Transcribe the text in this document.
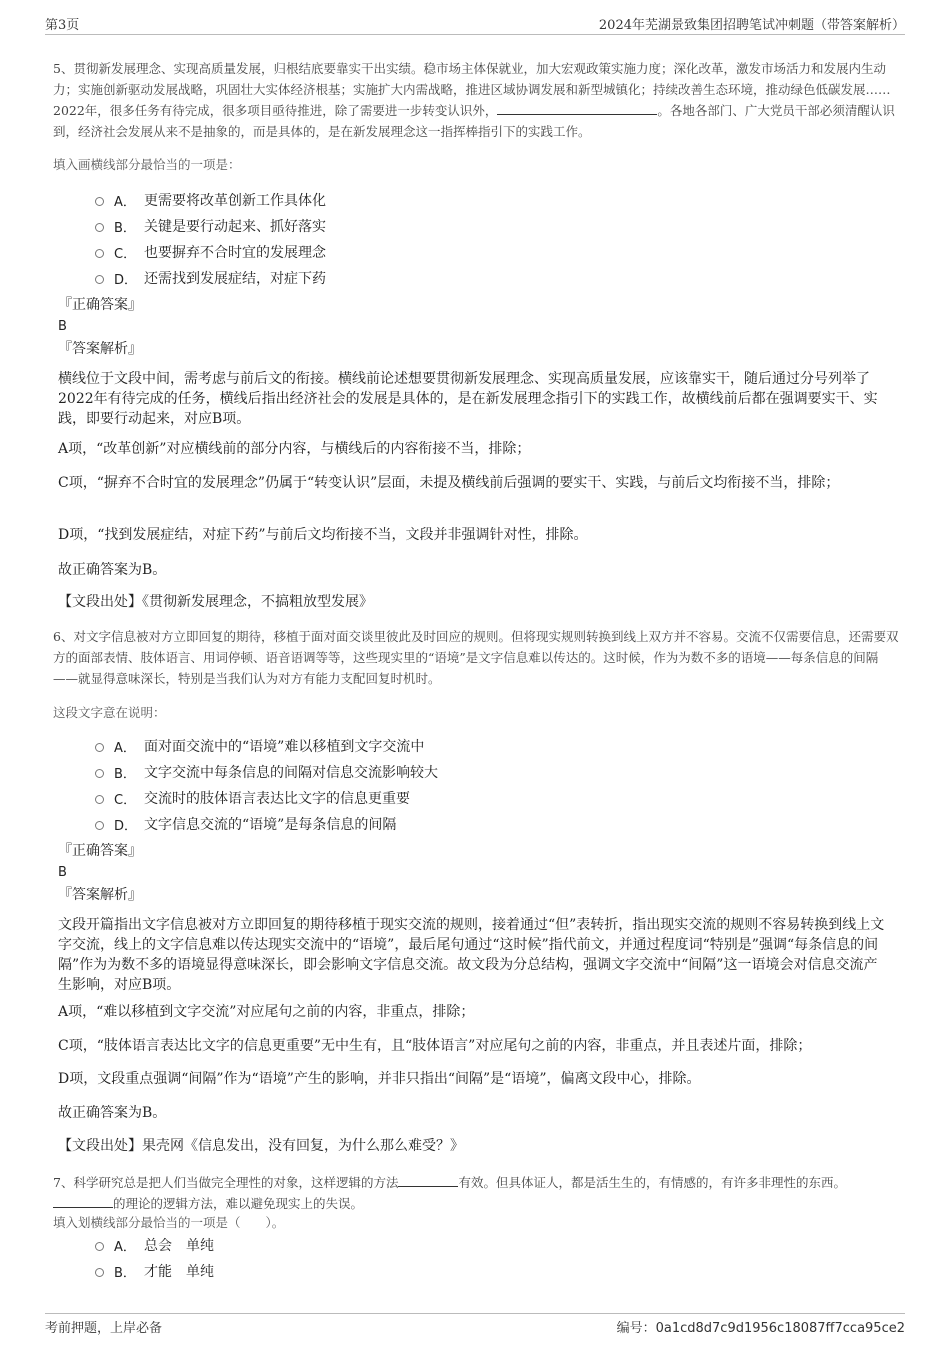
第3页	2024年芜湖景致集团招聘笔试冲刺题（带答案解析）
5、贯彻新发展理念、实现高质量发展，归根结底要靠实干出实绩。稳市场主体保就业，加大宏观政策实施力度；深化改革，激发市场活力和发展内生动力；实施创新驱动发展战略，巩固壮大实体经济根基；实施扩大内需战略，推进区域协调发展和新型城镇化；持续改善生态环境，推动绿色低碳发展……2022年，很多任务有待完成，很多项目亟待推进，除了需要进一步转变认识外，	。各地各部门、广大党员干部必须清醒认识到，经济社会发展从来不是抽象的，而是具体的，是在新发展理念这一指挥棒指引下的实践工作。
填入画横线部分最恰当的一项是：
A． 更需要将改革创新工作具体化
B． 关键是要行动起来、抓好落实
C． 也要摒弃不合时宜的发展理念
D． 还需找到发展症结，对症下药
『正确答案』
B
『答案解析』
横线位于文段中间，需考虑与前后文的衔接。横线前论述想要贯彻新发展理念、实现高质量发展，应该靠实干，随后通过分号列举了2022年有待完成的任务，横线后指出经济社会的发展是具体的，是在新发展理念指引下的实践工作，故横线前后都在强调要实干、实践，即要行动起来，对应B项。
A项，“改革创新”对应横线前的部分内容，与横线后的内容衔接不当，排除；
C项，“摒弃不合时宜的发展理念”仍属于“转变认识”层面，未提及横线前后强调的要实干、实践，与前后文均衔接不当，排除；
D项，“找到发展症结，对症下药”与前后文均衔接不当，文段并非强调针对性，排除。
故正确答案为B。
【文段出处】《贯彻新发展理念，不搞粗放型发展》
6、对文字信息被对方立即回复的期待，移植于面对面交谈里彼此及时回应的规则。但将现实规则转换到线上双方并不容易。交流不仅需要信息，还需要双方的面部表情、肢体语言、用词停顿、语音语调等等，这些现实里的“语境”是文字信息难以传达的。这时候，作为为数不多的语境——每条信息的间隔——就显得意味深长，特别是当我们认为对方有能力支配回复时机时。
这段文字意在说明：
A． 面对面交流中的“语境”难以移植到文字交流中
B． 文字交流中每条信息的间隔对信息交流影响较大
C． 交流时的肢体语言表达比文字的信息更重要
D． 文字信息交流的“语境”是每条信息的间隔
『正确答案』
B
『答案解析』
文段开篇指出文字信息被对方立即回复的期待移植于现实交流的规则，接着通过“但”表转折，指出现实交流的规则不容易转换到线上文字交流，线上的文字信息难以传达现实交流中的“语境”，最后尾句通过“这时候”指代前文，并通过程度词“特别是”强调“每条信息的间隔”作为为数不多的语境显得意味深长，即会影响文字信息交流。故文段为分总结构，强调文字交流中“间隔”这一语境会对信息交流产生影响，对应B项。
A项，“难以移植到文字交流”对应尾句之前的内容，非重点，排除；
C项，“肢体语言表达比文字的信息更重要”无中生有，且“肢体语言”对应尾句之前的内容，非重点，并且表述片面，排除；
D项，文段重点强调“间隔”作为“语境”产生的影响，并非只指出“间隔”是“语境”，偏离文段中心，排除。
故正确答案为B。
【文段出处】果壳网《信息发出，没有回复，为什么那么难受？》
7、科学研究总是把人们当做完全理性的对象，这样逻辑的方法	有效。但具体证人，都是活生生的，有情感的，有许多非理性的东西。
的理论的逻辑方法，难以避免现实上的失误。
填入划横线部分最恰当的一项是（　　）。
A． 总会　单纯
B． 才能　单纯
考前押题，上岸必备	编号：0a1cd8d7c9d1956c18087ff7cca95ce2
